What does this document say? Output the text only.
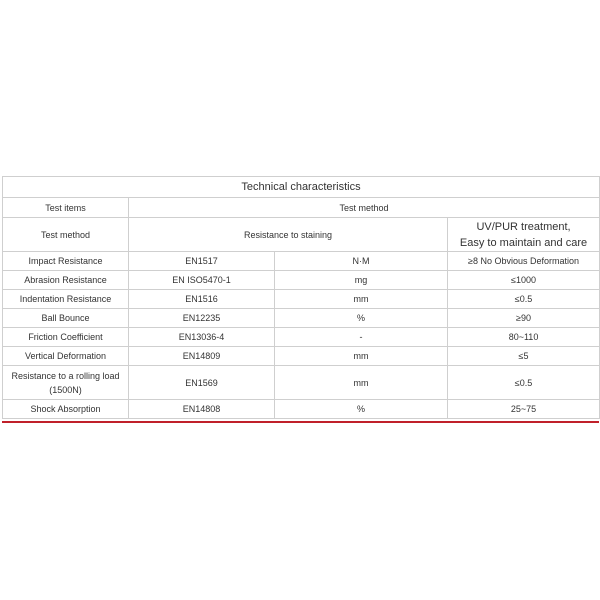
Technical characteristics			
Test items	Test method		
Test method	Resistance to staining		UV/PUR treatment,
Easy to maintain and care
Impact Resistance	EN1517	N·M	≥8 No Obvious Deformation
Abrasion Resistance	EN ISO5470-1	mg	≤1000
Indentation Resistance	EN1516	mm	≤0.5
Ball Bounce	EN12235	%	≥90
Friction Coefficient	EN13036-4	-	80~110
Vertical Deformation	EN14809	mm	≤5
Resistance to a rolling load
(1500N)	EN1569	mm	≤0.5
Shock Absorption	EN14808	%	25~75
